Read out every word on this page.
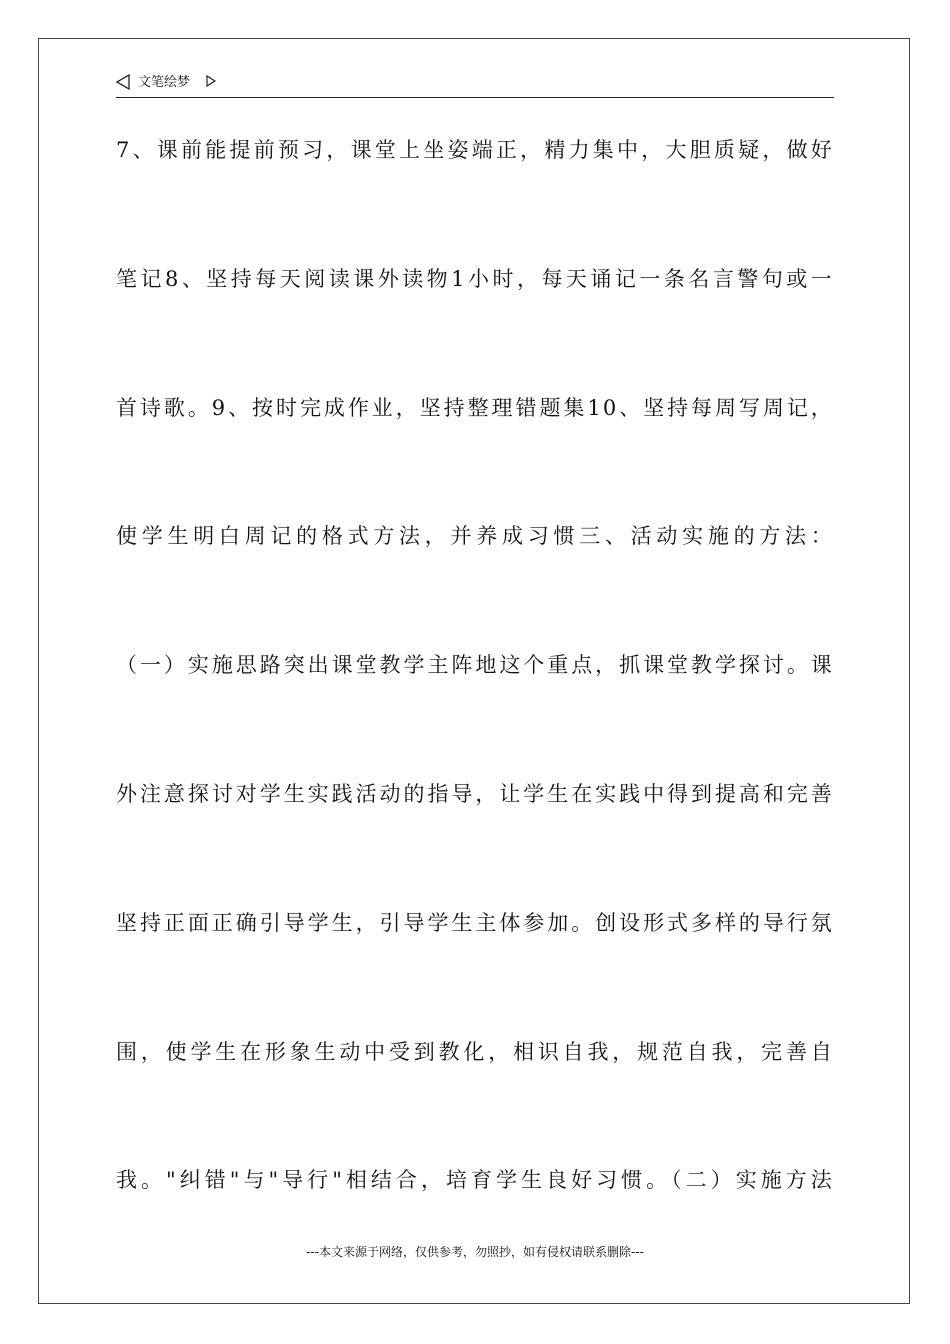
文笔绘梦
7、课前能提前预习，课堂上坐姿端正，精力集中，大胆质疑，做好
笔记8、坚持每天阅读课外读物1小时，每天诵记一条名言警句或一
首诗歌。9、按时完成作业，坚持整理错题集10、坚持每周写周记，
使学生明白周记的格式方法，并养成习惯三、活动实施的方法：
（一）实施思路突出课堂教学主阵地这个重点，抓课堂教学探讨。课
外注意探讨对学生实践活动的指导，让学生在实践中得到提高和完善
坚持正面正确引导学生，引导学生主体参加。创设形式多样的导行氛
围，使学生在形象生动中受到教化，相识自我，规范自我，完善自
我。"纠错"与"导行"相结合，培育学生良好习惯。（二）实施方法
---本文来源于网络，仅供参考，勿照抄，如有侵权请联系删除---
